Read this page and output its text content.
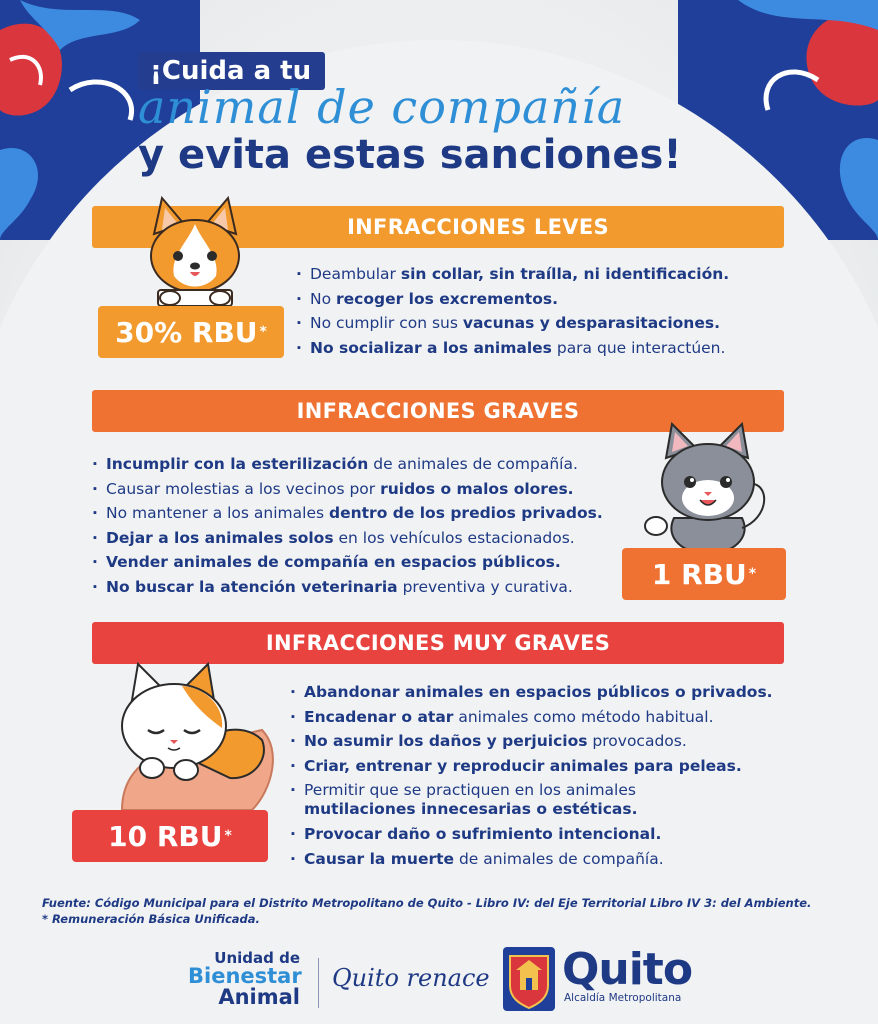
¡Cuida a tu
animal de compañía
y evita estas sanciones!
INFRACCIONES LEVES
30% RBU *
· Deambular sin collar, sin traílla, ni identificación.
· No recoger los excrementos.
· No cumplir con sus vacunas y desparasitaciones.
· No socializar a los animales para que interactúen.
INFRACCIONES GRAVES
· Incumplir con la esterilización de animales de compañía.
· Causar molestias a los vecinos por ruidos o malos olores.
· No mantener a los animales dentro de los predios privados.
· Dejar a los animales solos en los vehículos estacionados.
· Vender animales de compañía en espacios públicos.
· No buscar la atención veterinaria preventiva y curativa.	1 RBU *
INFRACCIONES MUY GRAVES
10 RBU *
· Abandonar animales en espacios públicos o privados.
· Encadenar o atar animales como método habitual.
· No asumir los daños y perjuicios provocados.
· Criar, entrenar y reproducir animales para peleas.
· Permitir que se practiquen en los animales
mutilaciones innecesarias o estéticas.
· Provocar daño o sufrimiento intencional.
· Causar la muerte de animales de compañía.
Fuente: Código Municipal para el Distrito Metropolitano de Quito - Libro IV: del Eje Territorial Libro IV 3: del Ambiente.
* Remuneración Básica Unificada.
Unidad de
Bienestar
Animal
Quito renace Quito
Alcaldía Metropolitana
